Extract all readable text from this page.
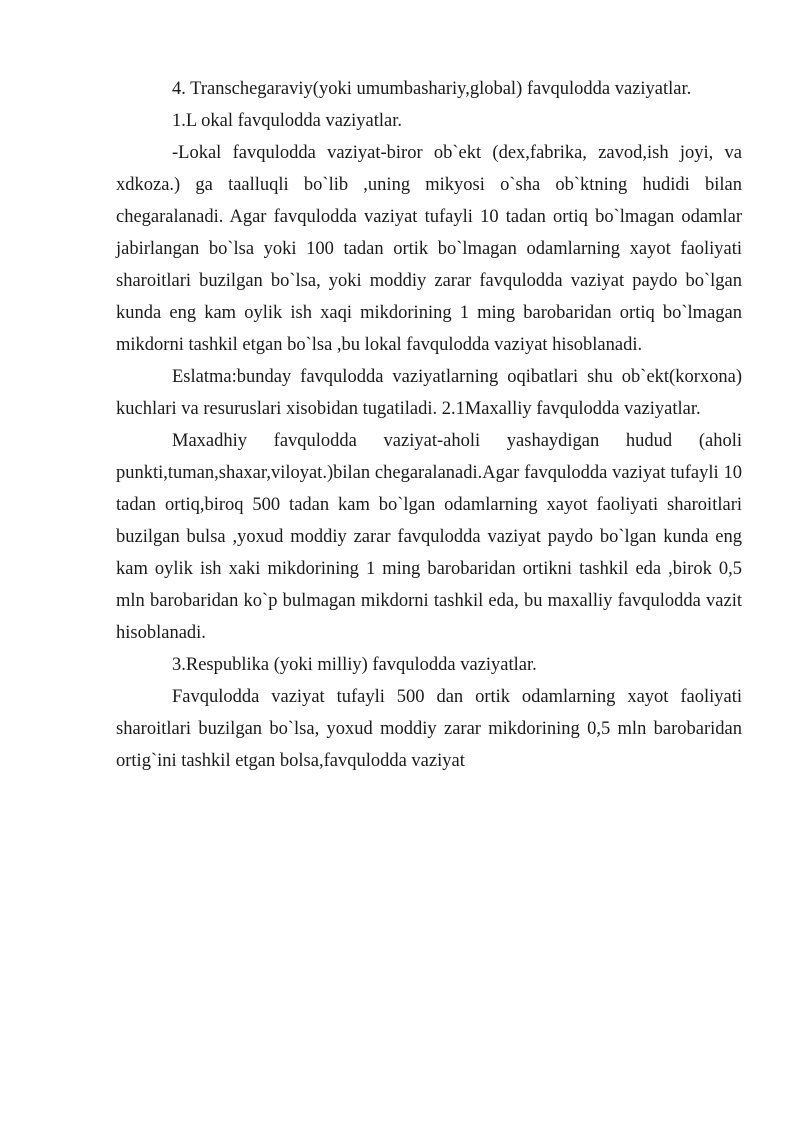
4. Transchegaraviy(yoki umumbashariy,global) favqulodda vaziyatlar.

1.L okal favqulodda vaziyatlar.

-Lokal favqulodda vaziyat-biror ob`ekt (dex,fabrika, zavod,ish joyi, va xdkoza.) ga taalluqli bo`lib ,uning mikyosi o`sha ob`ktning hudidi bilan chegaralanadi. Agar favqulodda vaziyat tufayli 10 tadan ortiq bo`lmagan odamlar jabirlangan bo`lsa yoki 100 tadan ortik bo`lmagan odamlarning xayot faoliyati sharoitlari buzilgan bo`lsa, yoki moddiy zarar favqulodda vaziyat paydo bo`lgan kunda eng kam oylik ish xaqi mikdorining 1 ming barobaridan ortiq bo`lmagan mikdorni tashkil etgan bo`lsa ,bu lokal favqulodda vaziyat hisoblanadi.

Eslatma:bunday favqulodda vaziyatlarning oqibatlari shu ob`ekt(korxona) kuchlari va resuruslari xisobidan tugatiladi. 2.1Maxalliy favqulodda vaziyatlar.

Maxadhiy favqulodda vaziyat-aholi yashaydigan hudud (aholi punkti,tuman,shaxar,viloyat.)bilan chegaralanadi.Agar favqulodda vaziyat tufayli 10 tadan ortiq,biroq 500 tadan kam bo`lgan odamlarning xayot faoliyati sharoitlari buzilgan bulsa ,yoxud moddiy zarar favqulodda vaziyat paydo bo`lgan kunda eng kam oylik ish xaki mikdorining 1 ming barobaridan ortikni tashkil eda ,birok 0,5 mln barobaridan ko`p bulmagan mikdorni tashkil eda, bu maxalliy favqulodda vazit hisoblanadi.

3.Respublika (yoki milliy) favqulodda vaziyatlar.

Favqulodda vaziyat tufayli 500 dan ortik odamlarning xayot faoliyati sharoitlari buzilgan bo`lsa, yoxud moddiy zarar mikdorining 0,5 mln barobaridan ortig`ini tashkil etgan bolsa,favqulodda vaziyat
